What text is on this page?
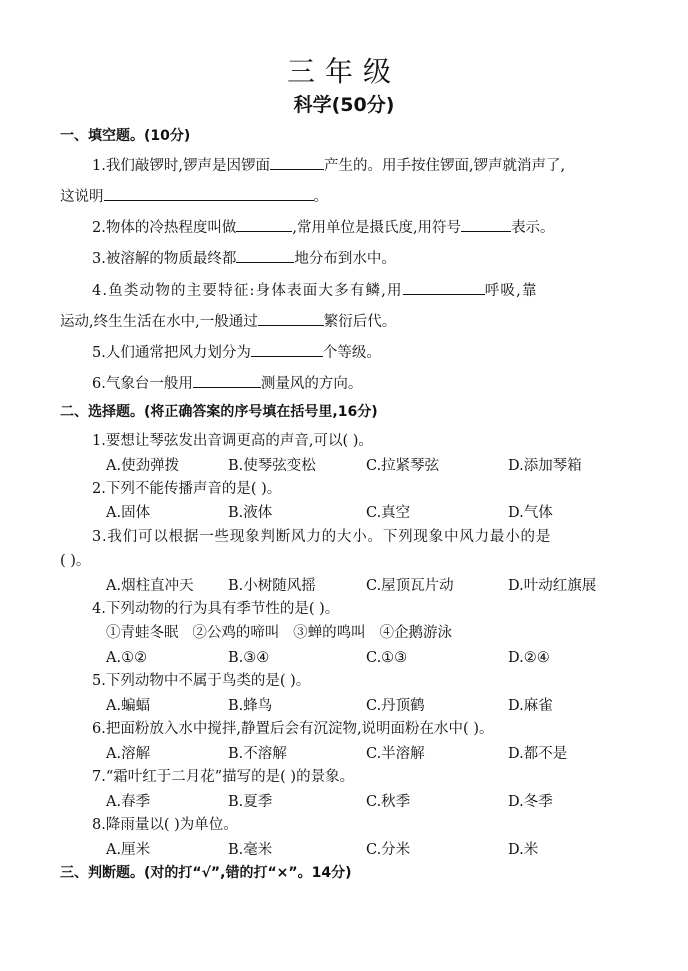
三年级
科学(50分)
一、填空题。(10分)
1.我们敲锣时,锣声是因锣面	产生的。用手按住锣面,锣声就消声了,
这说明	。
2.物体的冷热程度叫做	,常用单位是摄氏度,用符号	表示。
3.被溶解的物质最终都	地分布到水中。
4.鱼类动物的主要特征:身体表面大多有鳞,用	呼吸,靠
运动,终生生活在水中,一般通过	繁衍后代。
5.人们通常把风力划分为	个等级。
6.气象台一般用	测量风的方向。
二、选择题。(将正确答案的序号填在括号里,16分)
1.要想让琴弦发出音调更高的声音,可以( )。
A.使劲弹拨	B.使琴弦变松	C.拉紧琴弦	D.添加琴箱
2.下列不能传播声音的是( )。
A.固体	B.液体	C.真空	D.气体
3.我们可以根据一些现象判断风力的大小。下列现象中风力最小的是
( )。
A.烟柱直冲天 B.小树随风摇	C.屋顶瓦片动	D.叶动红旗展
4.下列动物的行为具有季节性的是( )。
①青蛙冬眠   ②公鸡的啼叫   ③蝉的鸣叫   ④企鹅游泳
A.①②	B.③④	C.①③	D.②④
5.下列动物中不属于鸟类的是( )。
A.蝙蝠	B.蜂鸟	C.丹顶鹤	D.麻雀
6.把面粉放入水中搅拌,静置后会有沉淀物,说明面粉在水中( )。
A.溶解	B.不溶解	C.半溶解	D.都不是
7.“霜叶红于二月花”描写的是( )的景象。
A.春季	B.夏季	C.秋季	D.冬季
8.降雨量以( )为单位。
A.厘米	B.毫米	C.分米	D.米
三、判断题。(对的打“√”,错的打“×”。14分)
